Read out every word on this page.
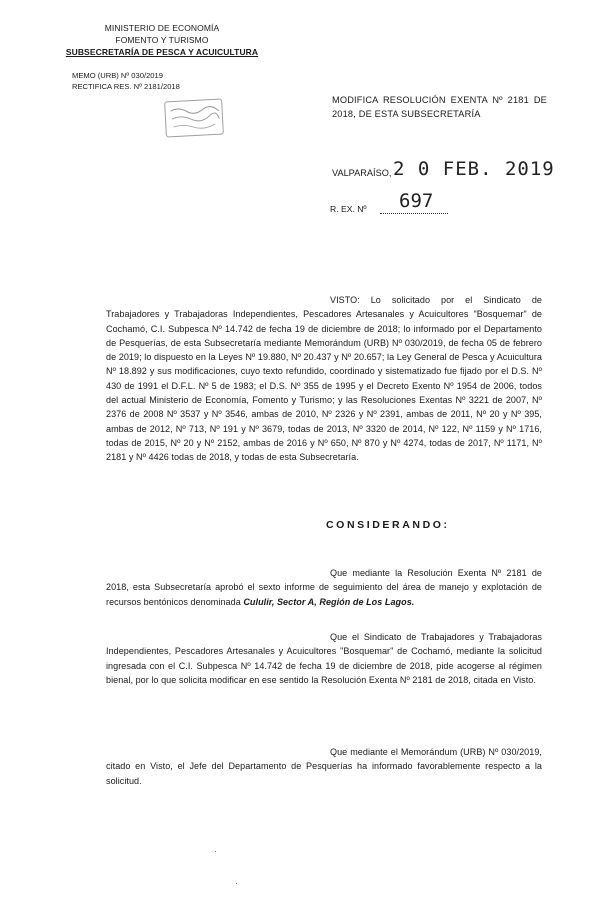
MINISTERIO DE ECONOMÍA
FOMENTO Y TURISMO
SUBSECRETARÍA DE PESCA Y ACUICULTURA
MEMO (URB) Nº 030/2019
RECTIFICA RES. Nº 2181/2018
MODIFICA RESOLUCIÓN EXENTA Nº 2181 DE 2018, DE ESTA SUBSECRETARÍA
VALPARAÍSO, 2 0 FEB. 2019
R. EX. Nº 697
VISTO: Lo solicitado por el Sindicato de Trabajadores y Trabajadoras Independientes, Pescadores Artesanales y Acuicultores "Bosquemar" de Cochamó, C.I. Subpesca Nº 14.742 de fecha 19 de diciembre de 2018; lo informado por el Departamento de Pesquerías, de esta Subsecretaría mediante Memorándum (URB) Nº 030/2019, de fecha 05 de febrero de 2019; lo dispuesto en la Leyes Nº 19.880, Nº 20.437 y Nº 20.657; la Ley General de Pesca y Acuicultura Nº 18.892 y sus modificaciones, cuyo texto refundido, coordinado y sistematizado fue fijado por el D.S. Nº 430 de 1991 el D.F.L. Nº 5 de 1983; el D.S. Nº 355 de 1995 y el Decreto Exento Nº 1954 de 2006, todos del actual Ministerio de Economía, Fomento y Turismo; y las Resoluciones Exentas Nº 3221 de 2007, Nº 2376 de 2008 Nº 3537 y Nº 3546, ambas de 2010, Nº 2326 y Nº 2391, ambas de 2011, Nº 20 y Nº 395, ambas de 2012, Nº 713, Nº 191 y Nº 3679, todas de 2013, Nº 3320 de 2014, Nº 122, Nº 1159 y Nº 1716, todas de 2015, Nº 20 y Nº 2152, ambas de 2016 y Nº 650, Nº 870 y Nº 4274, todas de 2017, Nº 1171, Nº 2181 y Nº 4426 todas de 2018, y todas de esta Subsecretaría.
CONSIDERANDO:
Que mediante la Resolución Exenta Nº 2181 de 2018, esta Subsecretaría aprobó el sexto informe de seguimiento del área de manejo y explotación de recursos bentónicos denominada Cululir, Sector A, Región de Los Lagos.
Que el Sindicato de Trabajadores y Trabajadoras Independientes, Pescadores Artesanales y Acuicultores "Bosquemar" de Cochamó, mediante la solicitud ingresada con el C.I. Subpesca Nº 14.742 de fecha 19 de diciembre de 2018, pide acogerse al régimen bienal, por lo que solicita modificar en ese sentido la Resolución Exenta Nº 2181 de 2018, citada en Visto.
Que mediante el Memorándum (URB) Nº 030/2019, citado en Visto, el Jefe del Departamento de Pesquerías ha informado favorablemente respecto a la solicitud.
